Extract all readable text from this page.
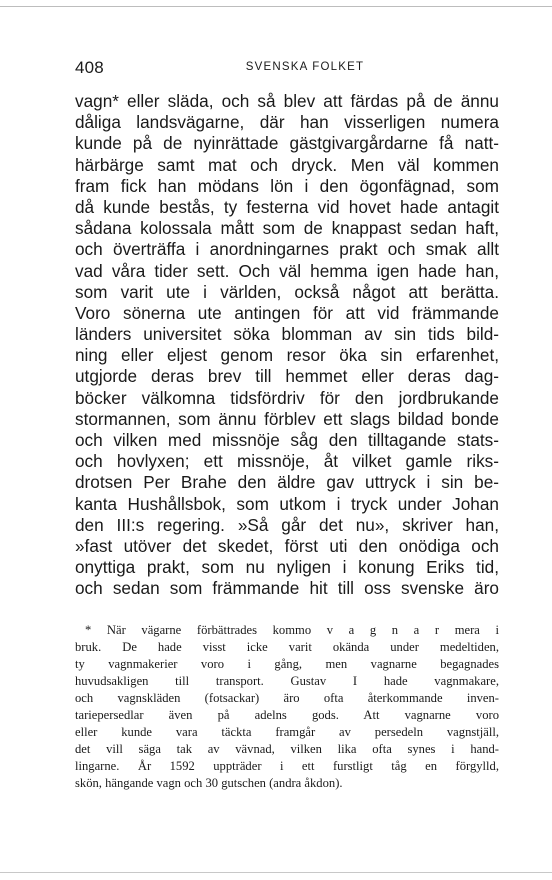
408	SVENSKA FOLKET
vagn* eller släda, och så blev att färdas på de ännu
dåliga landsvägarne, där han visserligen numera
kunde på de nyinrättade gästgivargårdarne få natt-
härbärge samt mat och dryck. Men väl kommen
fram fick han mödans lön i den ögonfägnad, som
då kunde bestås, ty festerna vid hovet hade antagit
sådana kolossala mått som de knappast sedan haft,
och överträffa i anordningarnes prakt och smak allt
vad våra tider sett. Och väl hemma igen hade han,
som varit ute i världen, också något att berätta.
Voro sönerna ute antingen för att vid främmande
länders universitet söka blomman av sin tids bild-
ning eller eljest genom resor öka sin erfarenhet,
utgjorde deras brev till hemmet eller deras dag-
böcker välkomna tidsfördriv för den jordbrukande
stormannen, som ännu förblev ett slags bildad bonde
och vilken med missnöje såg den tilltagande stats-
och hovlyxen; ett missnöje, åt vilket gamle riks-
drotsen Per Brahe den äldre gav uttryck i sin be-
kanta Hushållsbok, som utkom i tryck under Johan
den III:s regering. »Så går det nu», skriver han,
»fast utöver det skedet, först uti den onödiga och
onyttiga prakt, som nu nyligen i konung Eriks tid,
och sedan som främmande hit till oss svenske äro
* När vägarne förbättrades kommo v a g n a r mera i
bruk. De hade visst icke varit okända under medeltiden,
ty vagnmakerier voro i gång, men vagnarne begagnades
huvudsakligen till transport. Gustav I hade vagnmakare,
och vagnskläden (fotsackar) äro ofta återkommande inven-
tariepersedlar även på adelns gods. Att vagnarne voro
eller kunde vara täckta framgår av persedeln vagnstjäll,
det vill säga tak av vävnad, vilken lika ofta synes i hand-
lingarne. År 1592 uppträder i ett furstligt tåg en förgylld,
skön, hängande vagn och 30 gutschen (andra åkdon).
